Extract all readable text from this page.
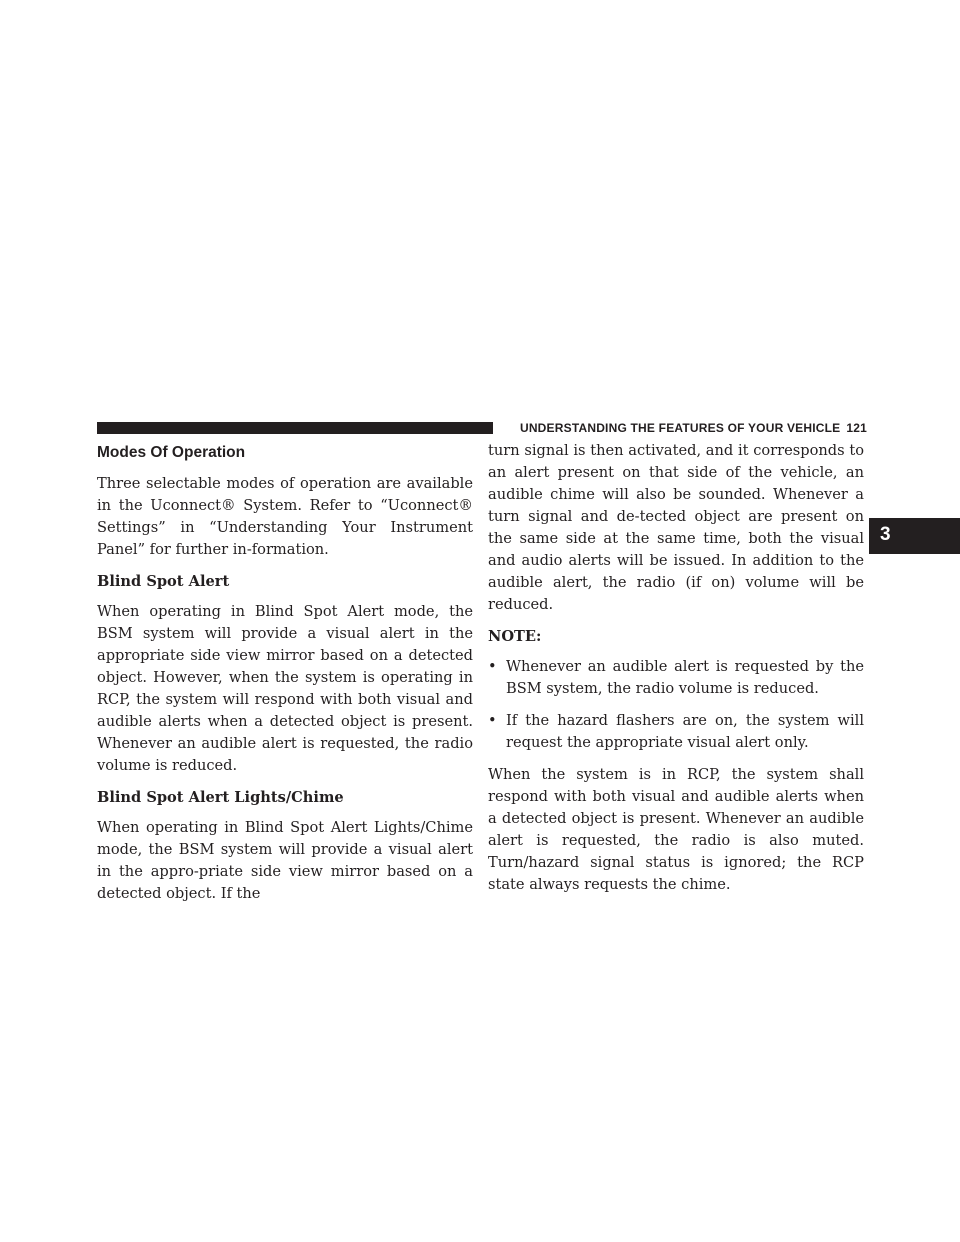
UNDERSTANDING THE FEATURES OF YOUR VEHICLE 121
3
Modes Of Operation

Three selectable modes of operation are available in the Uconnect® System. Refer to “Uconnect® Settings” in “Understanding Your Instrument Panel” for further in-formation.

Blind Spot Alert

When operating in Blind Spot Alert mode, the BSM system will provide a visual alert in the appropriate side view mirror based on a detected object. However, when the system is operating in RCP, the system will respond with both visual and audible alerts when a detected object is present. Whenever an audible alert is requested, the radio volume is reduced.

Blind Spot Alert Lights/Chime

When operating in Blind Spot Alert Lights/Chime mode, the BSM system will provide a visual alert in the appro-priate side view mirror based on a detected object. If the

turn signal is then activated, and it corresponds to an alert present on that side of the vehicle, an audible chime will also be sounded. Whenever a turn signal and de-tected object are present on the same side at the same time, both the visual and audio alerts will be issued. In addition to the audible alert, the radio (if on) volume will be reduced.

NOTE:

• Whenever an audible alert is requested by the BSM system, the radio volume is reduced.
• If the hazard flashers are on, the system will request the appropriate visual alert only.

When the system is in RCP, the system shall respond with both visual and audible alerts when a detected object is present. Whenever an audible alert is requested, the radio is also muted. Turn/hazard signal status is ignored; the RCP state always requests the chime.
